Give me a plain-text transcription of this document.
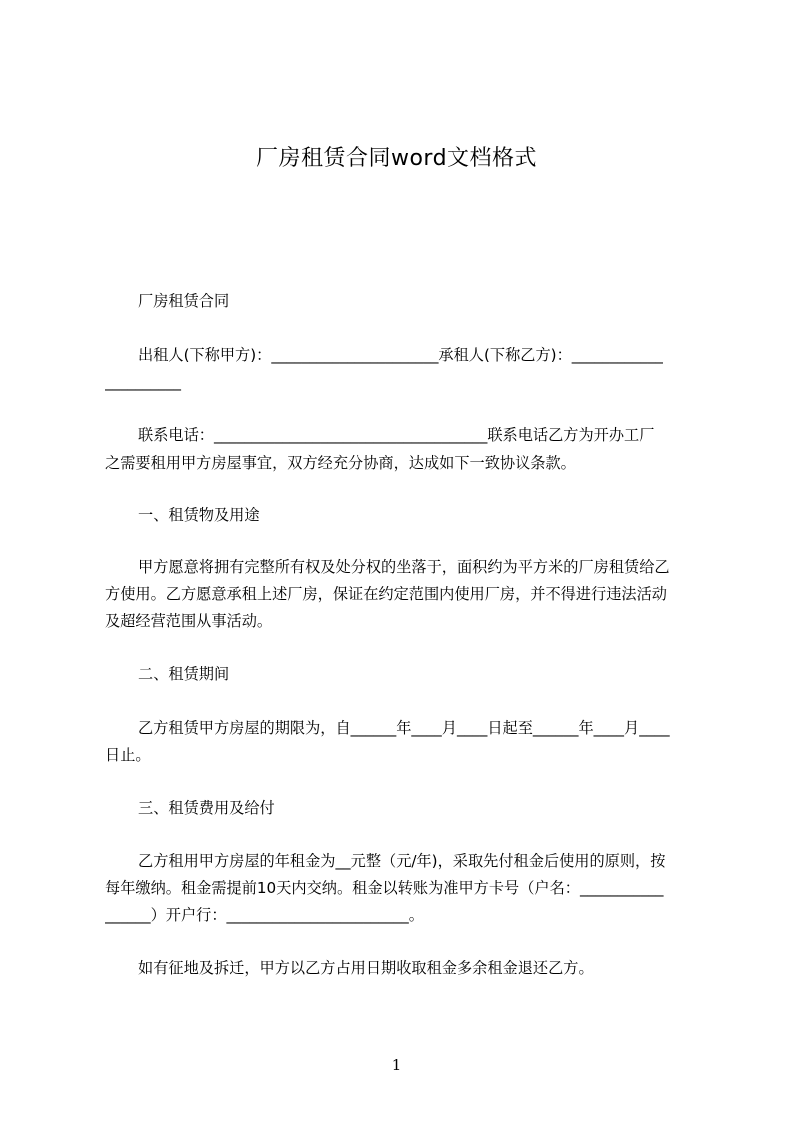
厂房租赁合同word文档格式
厂房租赁合同
出租人(下称甲方)：______________________承租人(下称乙方)：____________
__________
联系电话：____________________________________联系电话乙方为开办工厂
之需要租用甲方房屋事宜，双方经充分协商，达成如下一致协议条款。
一、租赁物及用途
甲方愿意将拥有完整所有权及处分权的坐落于，面积约为平方米的厂房租赁给乙
方使用。乙方愿意承租上述厂房，保证在约定范围内使用厂房，并不得进行违法活动
及超经营范围从事活动。
二、租赁期间
乙方租赁甲方房屋的期限为，自______年____月____日起至______年____月____
日止。
三、租赁费用及给付
乙方租用甲方房屋的年租金为__元整（元/年)，采取先付租金后使用的原则，按
每年缴纳。租金需提前10天内交纳。租金以转账为准甲方卡号（户名：___________
______）开户行：________________________。
如有征地及拆迁，甲方以乙方占用日期收取租金多余租金退还乙方。
1
